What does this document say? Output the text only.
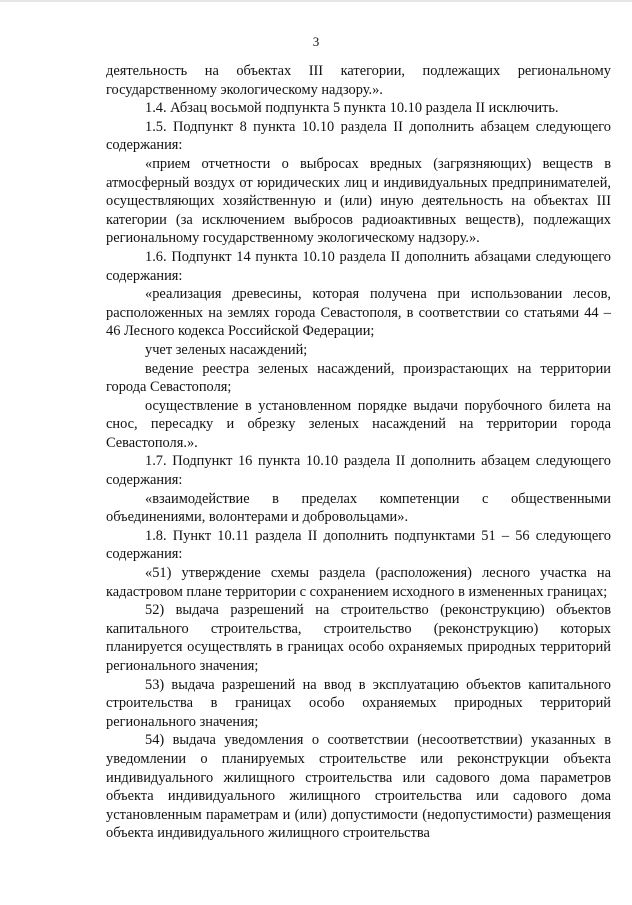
3

деятельность на объектах III категории, подлежащих региональному государственному экологическому надзору.».

1.4. Абзац восьмой подпункта 5 пункта 10.10 раздела II исключить.

1.5. Подпункт 8 пункта 10.10 раздела II дополнить абзацем следующего содержания:

«прием отчетности о выбросах вредных (загрязняющих) веществ в атмосферный воздух от юридических лиц и индивидуальных предпринимателей, осуществляющих хозяйственную и (или) иную деятельность на объектах III категории (за исключением выбросов радиоактивных веществ), подлежащих региональному государственному экологическому надзору.».

1.6. Подпункт 14 пункта 10.10 раздела II дополнить абзацами следующего содержания:

«реализация древесины, которая получена при использовании лесов, расположенных на землях города Севастополя, в соответствии со статьями 44 – 46 Лесного кодекса Российской Федерации;

учет зеленых насаждений;

ведение реестра зеленых насаждений, произрастающих на территории города Севастополя;

осуществление в установленном порядке выдачи порубочного билета на снос, пересадку и обрезку зеленых насаждений на территории города Севастополя.».

1.7. Подпункт 16 пункта 10.10 раздела II дополнить абзацем следующего содержания:

«взаимодействие в пределах компетенции с общественными объединениями, волонтерами и добровольцами».

1.8. Пункт 10.11 раздела II дополнить подпунктами 51 – 56 следующего содержания:

«51) утверждение схемы раздела (расположения) лесного участка на кадастровом плане территории с сохранением исходного в измененных границах;

52) выдача разрешений на строительство (реконструкцию) объектов капитального строительства, строительство (реконструкцию) которых планируется осуществлять в границах особо охраняемых природных территорий регионального значения;

53) выдача разрешений на ввод в эксплуатацию объектов капитального строительства в границах особо охраняемых природных территорий регионального значения;

54) выдача уведомления о соответствии (несоответствии) указанных в уведомлении о планируемых строительстве или реконструкции объекта индивидуального жилищного строительства или садового дома параметров объекта индивидуального жилищного строительства или садового дома установленным параметрам и (или) допустимости (недопустимости) размещения объекта индивидуального жилищного строительства
